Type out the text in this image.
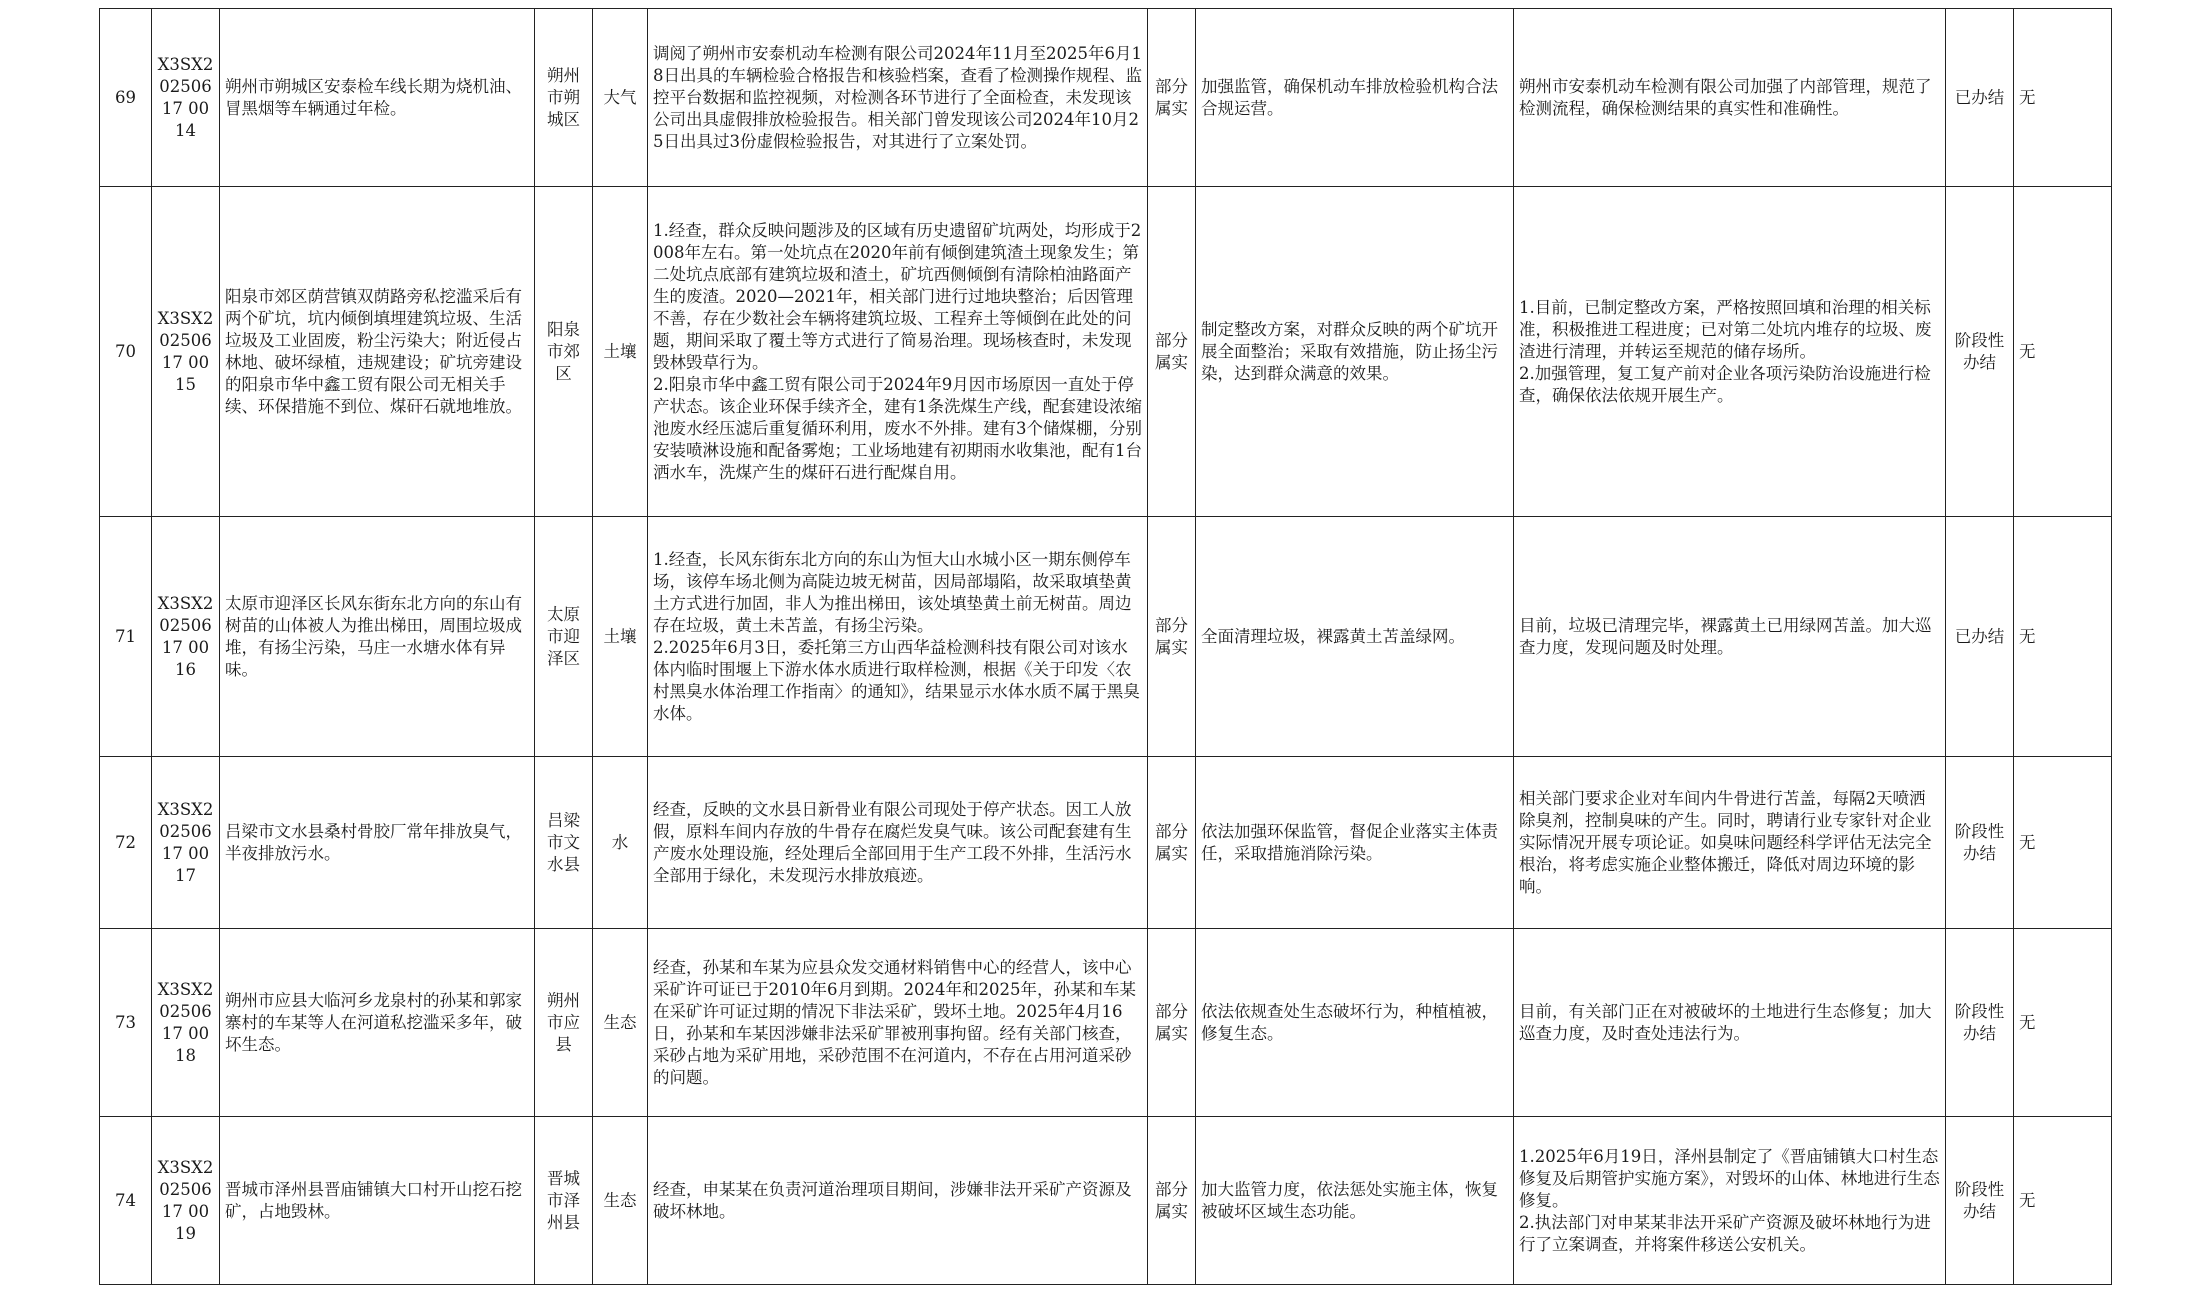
69	X3SX20250617 0014	朔州市朔城区安泰检车线长期为烧机油、冒黑烟等车辆通过年检。	朔州市朔城区	大气	调阅了朔州市安泰机动车检测有限公司2024年11月至2025年6月18日出具的车辆检验合格报告和核验档案，查看了检测操作规程、监控平台数据和监控视频，对检测各环节进行了全面检查，未发现该公司出具虚假排放检验报告。相关部门曾发现该公司2024年10月25日出具过3份虚假检验报告，对其进行了立案处罚。	部分属实	加强监管，确保机动车排放检验机构合法合规运营。	朔州市安泰机动车检测有限公司加强了内部管理，规范了检测流程，确保检测结果的真实性和准确性。	已办结	无
70	X3SX20250617 0015	阳泉市郊区荫营镇双荫路旁私挖滥采后有两个矿坑，坑内倾倒填埋建筑垃圾、生活垃圾及工业固废，粉尘污染大；附近侵占林地、破坏绿植，违规建设；矿坑旁建设的阳泉市华中鑫工贸有限公司无相关手续、环保措施不到位、煤矸石就地堆放。	阳泉市郊区	土壤	1.经查，群众反映问题涉及的区域有历史遗留矿坑两处，均形成于2008年左右。第一处坑点在2020年前有倾倒建筑渣土现象发生；第二处坑点底部有建筑垃圾和渣土，矿坑西侧倾倒有清除柏油路面产生的废渣。2020—2021年，相关部门进行过地块整治；后因管理不善，存在少数社会车辆将建筑垃圾、工程弃土等倾倒在此处的问题，期间采取了覆土等方式进行了简易治理。现场核查时，未发现毁林毁草行为。
2.阳泉市华中鑫工贸有限公司于2024年9月因市场原因一直处于停产状态。该企业环保手续齐全，建有1条洗煤生产线，配套建设浓缩池废水经压滤后重复循环利用，废水不外排。建有3个储煤棚，分别安装喷淋设施和配备雾炮；工业场地建有初期雨水收集池，配有1台洒水车，洗煤产生的煤矸石进行配煤自用。	部分属实	制定整改方案，对群众反映的两个矿坑开展全面整治；采取有效措施，防止扬尘污染，达到群众满意的效果。	1.目前，已制定整改方案，严格按照回填和治理的相关标准，积极推进工程进度；已对第二处坑内堆存的垃圾、废渣进行清理，并转运至规范的储存场所。
2.加强管理，复工复产前对企业各项污染防治设施进行检查，确保依法依规开展生产。	阶段性办结	无
71	X3SX20250617 0016	太原市迎泽区长风东街东北方向的东山有树苗的山体被人为推出梯田，周围垃圾成堆，有扬尘污染，马庄一水塘水体有异味。	太原市迎泽区	土壤	1.经查，长风东街东北方向的东山为恒大山水城小区一期东侧停车场，该停车场北侧为高陡边坡无树苗，因局部塌陷，故采取填垫黄土方式进行加固，非人为推出梯田，该处填垫黄土前无树苗。周边存在垃圾，黄土未苫盖，有扬尘污染。
2.2025年6月3日，委托第三方山西华益检测科技有限公司对该水体内临时围堰上下游水体水质进行取样检测，根据《关于印发〈农村黑臭水体治理工作指南〉的通知》，结果显示水体水质不属于黑臭水体。	部分属实	全面清理垃圾，裸露黄土苫盖绿网。	目前，垃圾已清理完毕，裸露黄土已用绿网苫盖。加大巡查力度，发现问题及时处理。	已办结	无
72	X3SX20250617 0017	吕梁市文水县桑村骨胶厂常年排放臭气，半夜排放污水。	吕梁市文水县	水	经查，反映的文水县日新骨业有限公司现处于停产状态。因工人放假，原料车间内存放的牛骨存在腐烂发臭气味。该公司配套建有生产废水处理设施，经处理后全部回用于生产工段不外排，生活污水全部用于绿化，未发现污水排放痕迹。	部分属实	依法加强环保监管，督促企业落实主体责任，采取措施消除污染。	相关部门要求企业对车间内牛骨进行苫盖，每隔2天喷洒除臭剂，控制臭味的产生。同时，聘请行业专家针对企业实际情况开展专项论证。如臭味问题经科学评估无法完全根治，将考虑实施企业整体搬迁，降低对周边环境的影响。	阶段性办结	无
73	X3SX20250617 0018	朔州市应县大临河乡龙泉村的孙某和郭家寨村的车某等人在河道私挖滥采多年，破坏生态。	朔州市应县	生态	经查，孙某和车某为应县众发交通材料销售中心的经营人，该中心采矿许可证已于2010年6月到期。2024年和2025年，孙某和车某在采矿许可证过期的情况下非法采矿，毁坏土地。2025年4月16日，孙某和车某因涉嫌非法采矿罪被刑事拘留。经有关部门核查，采砂占地为采矿用地，采砂范围不在河道内，不存在占用河道采砂的问题。	部分属实	依法依规查处生态破坏行为，种植植被，修复生态。	目前，有关部门正在对被破坏的土地进行生态修复；加大巡查力度，及时查处违法行为。	阶段性办结	无
74	X3SX20250617 0019	晋城市泽州县晋庙铺镇大口村开山挖石挖矿，占地毁林。	晋城市泽州县	生态	经查，申某某在负责河道治理项目期间，涉嫌非法开采矿产资源及破坏林地。	部分属实	加大监管力度，依法惩处实施主体，恢复被破坏区域生态功能。	1.2025年6月19日，泽州县制定了《晋庙铺镇大口村生态修复及后期管护实施方案》，对毁坏的山体、林地进行生态修复。
2.执法部门对申某某非法开采矿产资源及破坏林地行为进行了立案调查，并将案件移送公安机关。	阶段性办结	无
